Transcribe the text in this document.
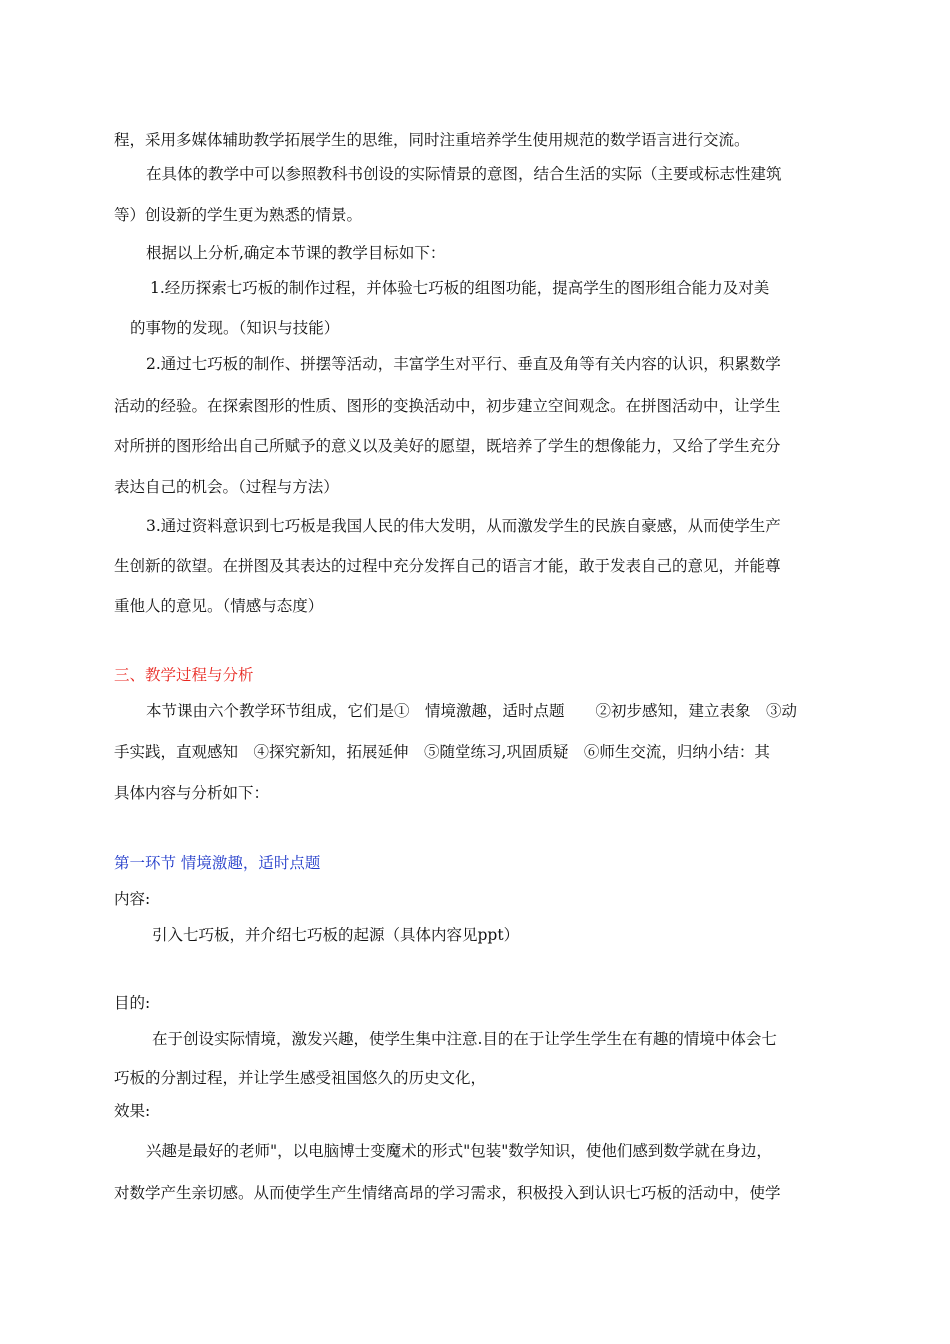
程，采用多媒体辅助教学拓展学生的思维，同时注重培养学生使用规范的数学语言进行交流。
在具体的教学中可以参照教科书创设的实际情景的意图，结合生活的实际（主要或标志性建筑
等）创设新的学生更为熟悉的情景。
根据以上分析,确定本节课的教学目标如下：
1.经历探索七巧板的制作过程，并体验七巧板的组图功能，提高学生的图形组合能力及对美
的事物的发现。（知识与技能）
2.通过七巧板的制作、拼摆等活动，丰富学生对平行、垂直及角等有关内容的认识，积累数学
活动的经验。在探索图形的性质、图形的变换活动中，初步建立空间观念。在拼图活动中，让学生
对所拼的图形给出自己所赋予的意义以及美好的愿望，既培养了学生的想像能力，又给了学生充分
表达自己的机会。（过程与方法）
3.通过资料意识到七巧板是我国人民的伟大发明，从而激发学生的民族自豪感，从而使学生产
生创新的欲望。在拼图及其表达的过程中充分发挥自己的语言才能，敢于发表自己的意见，并能尊
重他人的意见。（情感与态度）
三、教学过程与分析
本节课由六个教学环节组成，它们是①　情境激趣，适时点题　　②初步感知，建立表象　③动
手实践，直观感知　④探究新知，拓展延伸　⑤随堂练习,巩固质疑　⑥师生交流，归纳小结：其
具体内容与分析如下：
第一环节 情境激趣，适时点题
内容:
引入七巧板，并介绍七巧板的起源（具体内容见ppt）
目的:
在于创设实际情境，激发兴趣，使学生集中注意.目的在于让学生学生在有趣的情境中体会七
巧板的分割过程，并让学生感受祖国悠久的历史文化，
效果:
兴趣是最好的老师"，以电脑博士变魔术的形式"包装"数学知识，使他们感到数学就在身边，
对数学产生亲切感。从而使学生产生情绪高昂的学习需求，积极投入到认识七巧板的活动中，使学
